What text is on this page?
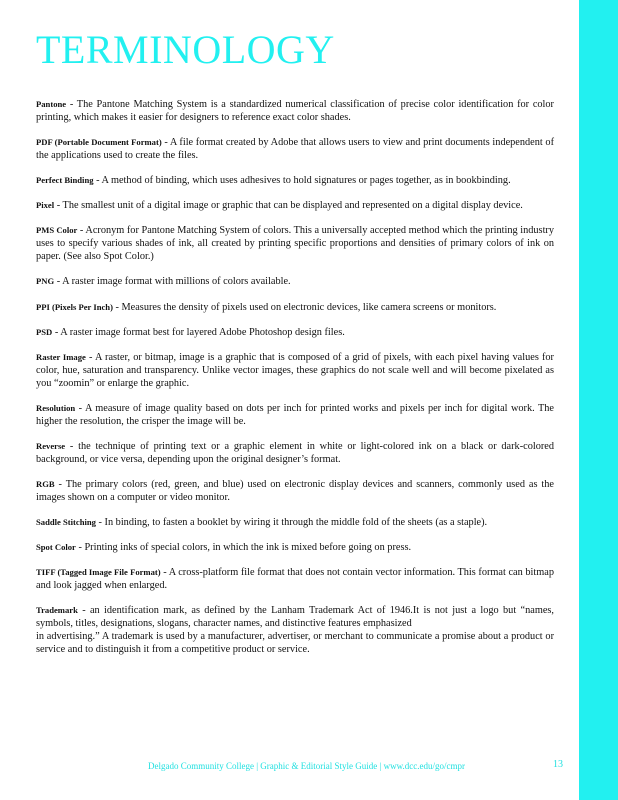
TERMINOLOGY

Pantone - The Pantone Matching System is a standardized numerical classification of precise color identification for color printing, which makes it easier for designers to reference exact color shades.

PDF (Portable Document Format) - A file format created by Adobe that allows users to view and print documents independent of the applications used to create the files.

Perfect Binding - A method of binding, which uses adhesives to hold signatures or pages together, as in bookbinding.

Pixel - The smallest unit of a digital image or graphic that can be displayed and represented on a digital display device.

PMS Color - Acronym for Pantone Matching System of colors. This a universally accepted method which the printing industry uses to specify various shades of ink, all created by printing specific proportions and densities of primary colors of ink on paper. (See also Spot Color.)

PNG - A raster image format with millions of colors available.

PPI (Pixels Per Inch) - Measures the density of pixels used on electronic devices, like camera screens or monitors.

PSD - A raster image format best for layered Adobe Photoshop design files.

Raster Image - A raster, or bitmap, image is a graphic that is composed of a grid of pixels, with each pixel having values for color, hue, saturation and transparency. Unlike vector images, these graphics do not scale well and will become pixelated as you “zoomin” or enlarge the graphic.

Resolution - A measure of image quality based on dots per inch for printed works and pixels per inch for digital work. The higher the resolution, the crisper the image will be.

Reverse - the technique of printing text or a graphic element in white or light-colored ink on a black or dark-colored background, or vice versa, depending upon the original designer’s format.

RGB - The primary colors (red, green, and blue) used on electronic display devices and scanners, commonly used as the images shown on a computer or video monitor.

Saddle Stitching - In binding, to fasten a booklet by wiring it through the middle fold of the sheets (as a staple).

Spot Color - Printing inks of special colors, in which the ink is mixed before going on press.

TIFF (Tagged Image File Format) - A cross-platform file format that does not contain vector information. This format can bitmap and look jagged when enlarged.

Trademark - an identification mark, as defined by the Lanham Trademark Act of 1946.It is not just a logo but “names, symbols, titles, designations, slogans, character names, and distinctive features emphasized
in advertising.” A trademark is used by a manufacturer, advertiser, or merchant to communicate a promise about a product or service and to distinguish it from a competitive product or service.

Delgado Community College | Graphic & Editorial Style Guide | www.dcc.edu/go/cmpr	13
